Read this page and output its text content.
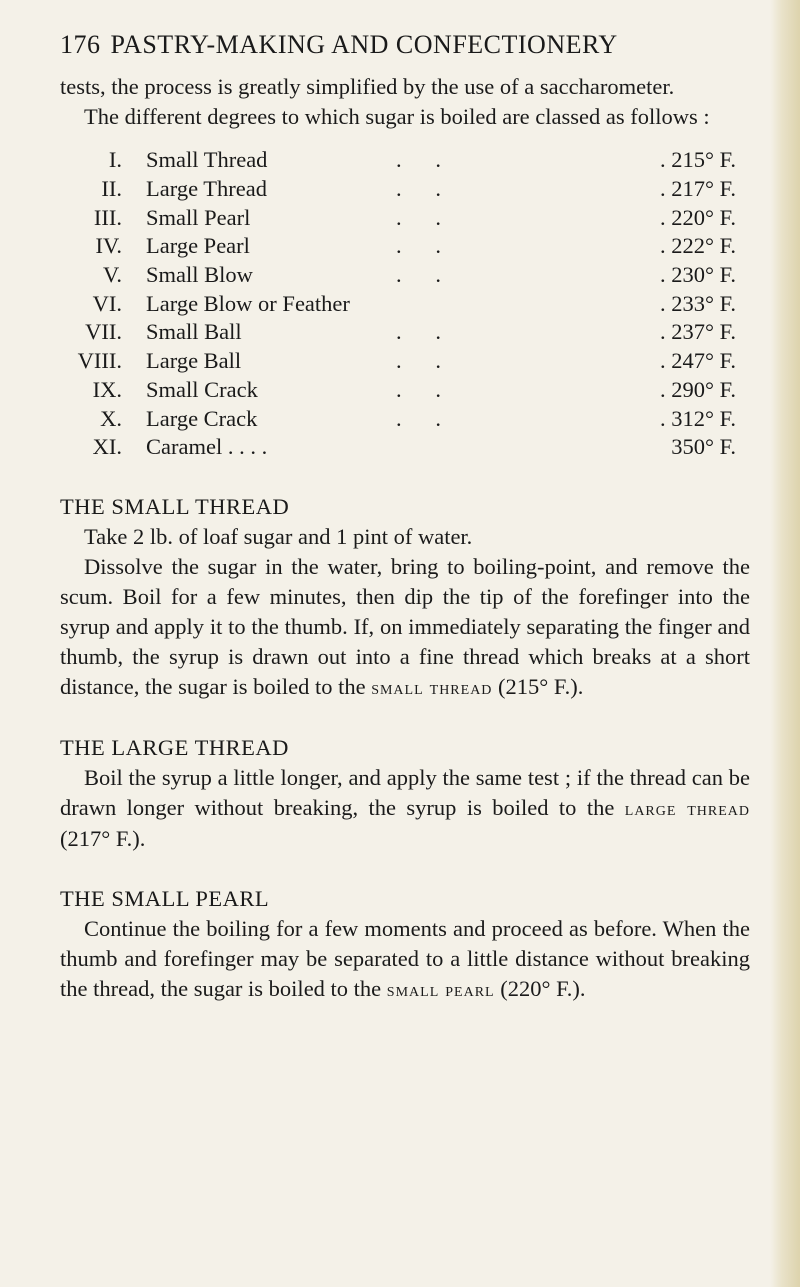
176 PASTRY-MAKING AND CONFECTIONERY

tests, the process is greatly simplified by the use of a saccharometer.

The different degrees to which sugar is boiled are classed as follows :

I.	Small Thread	.      .	. 215° F.
II.	Large Thread	.      .	. 217° F.
III.	Small Pearl	.      .	. 220° F.
IV.	Large Pearl	.      .	. 222° F.
V.	Small Blow	.      .	. 230° F.
VI.	Large Blow or Feather	. 233° F.
VII.	Small Ball	.      .	. 237° F.
VIII.	Large Ball	.      .	. 247° F.
IX.	Small Crack	.      .	. 290° F.
X.	Large Crack	.      .	. 312° F.
XI.	Caramel . . . .	350° F.
THE SMALL THREAD

Take 2 lb. of loaf sugar and 1 pint of water.

Dissolve the sugar in the water, bring to boiling-point, and remove the scum. Boil for a few minutes, then dip the tip of the forefinger into the syrup and apply it to the thumb. If, on immediately separating the finger and thumb, the syrup is drawn out into a fine thread which breaks at a short distance, the sugar is boiled to the small thread (215° F.).

THE LARGE THREAD

Boil the syrup a little longer, and apply the same test ; if the thread can be drawn longer without breaking, the syrup is boiled to the large thread (217° F.).

THE SMALL PEARL

Continue the boiling for a few moments and proceed as before. When the thumb and forefinger may be separated to a little distance without breaking the thread, the sugar is boiled to the small pearl (220° F.).
